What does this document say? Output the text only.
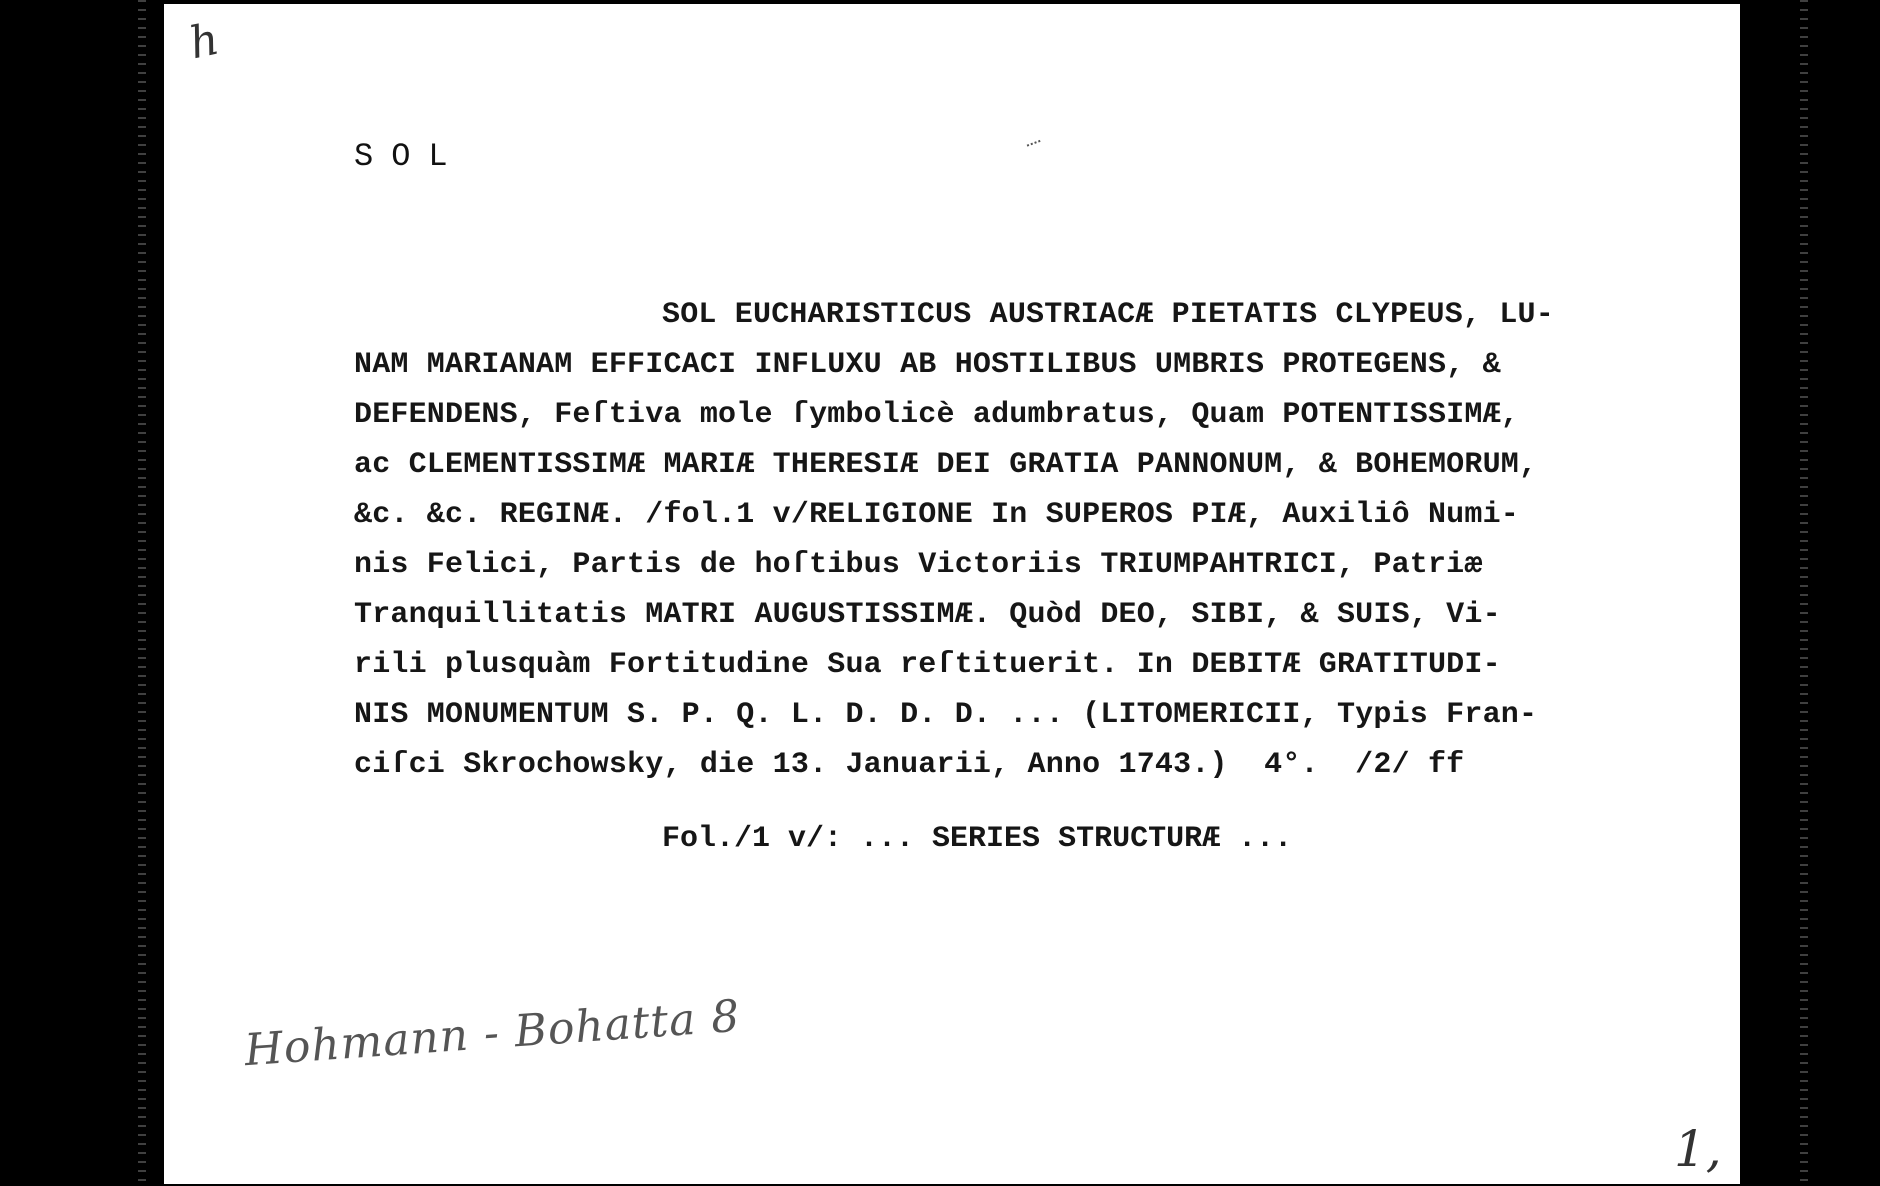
h
SOL
SOL EUCHARISTICUS AUSTRIACÆ PIETATIS CLYPEUS, LU-
NAM MARIANAM EFFICACI INFLUXU AB HOSTILIBUS UMBRIS PROTEGENS, &
DEFENDENS, Feſtiva mole ſymbolicè adumbratus, Quam POTENTISSIMÆ,
ac CLEMENTISSIMÆ MARIÆ THERESIÆ DEI GRATIA PANNONUM, & BOHEMORUM,
&c. &c. REGINÆ. /fol.1 v/RELIGIONE In SUPEROS PIÆ, Auxiliô Numi-
nis Felici, Partis de hoſtibus Victoriis TRIUMPAHTRICI, Patriæ
Tranquillitatis MATRI AUGUSTISSIMÆ. Quòd DEO, SIBI, & SUIS, Vi-
rili plusquàm Fortitudine Sua reſtituerit. In DEBITÆ GRATITUDI-
NIS MONUMENTUM S. P. Q. L. D. D. D. ... (LITOMERICII, Typis Fran-
ciſci Skrochowsky, die 13. Januarii, Anno 1743.)  4°.  /2/ ff
Fol./1 v/: ... SERIES STRUCTURÆ ...
Hohmann - Bohatta 8
1,
